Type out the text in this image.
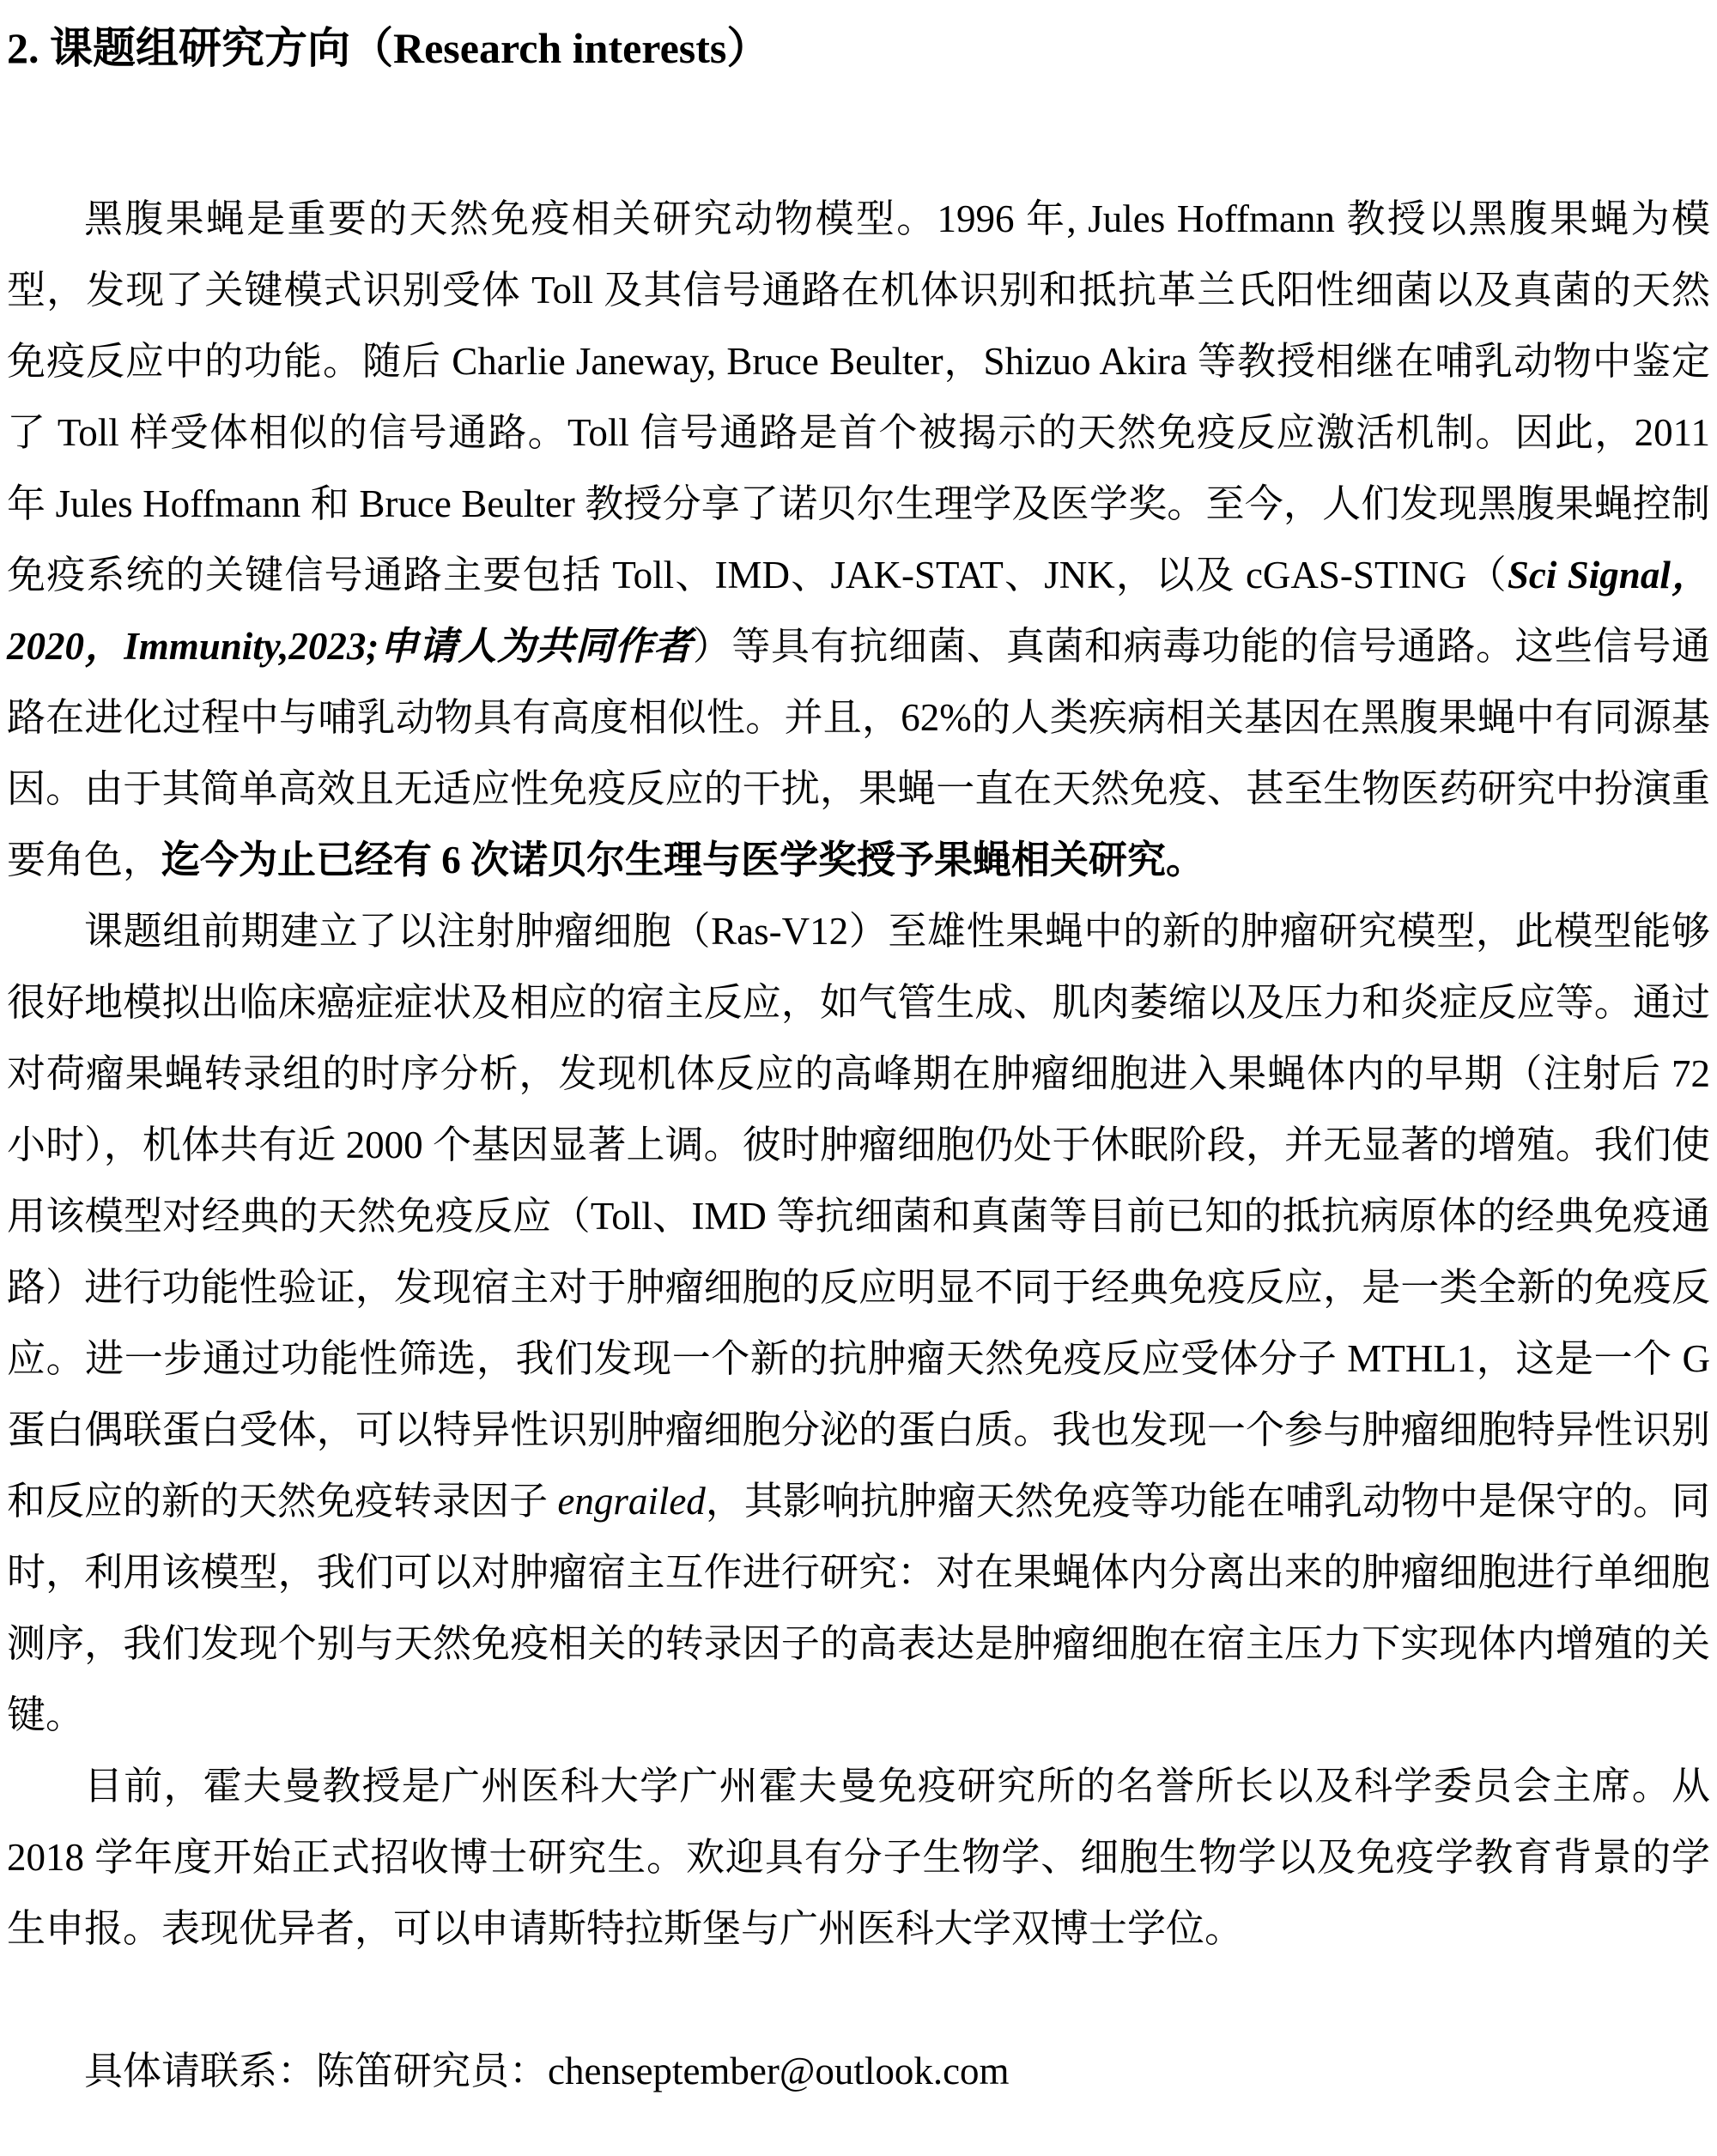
2. 课题组研究方向（Research interests）

黑腹果蝇是重要的天然免疫相关研究动物模型。1996 年, Jules Hoffmann 教授以黑腹果蝇为模型，发现了关键模式识别受体 Toll 及其信号通路在机体识别和抵抗革兰氏阳性细菌以及真菌的天然免疫反应中的功能。随后 Charlie Janeway, Bruce Beulter，Shizuo Akira 等教授相继在哺乳动物中鉴定了 Toll 样受体相似的信号通路。Toll 信号通路是首个被揭示的天然免疫反应激活机制。因此，2011 年 Jules Hoffmann 和 Bruce Beulter 教授分享了诺贝尔生理学及医学奖。至今，人们发现黑腹果蝇控制免疫系统的关键信号通路主要包括 Toll、IMD、JAK-STAT、JNK，以及 cGAS-STING（Sci Signal，2020，Immunity,2023;申请人为共同作者）等具有抗细菌、真菌和病毒功能的信号通路。这些信号通路在进化过程中与哺乳动物具有高度相似性。并且，62%的人类疾病相关基因在黑腹果蝇中有同源基因。由于其简单高效且无适应性免疫反应的干扰，果蝇一直在天然免疫、甚至生物医药研究中扮演重要角色，迄今为止已经有 6 次诺贝尔生理与医学奖授予果蝇相关研究。

课题组前期建立了以注射肿瘤细胞（Ras-V12）至雄性果蝇中的新的肿瘤研究模型，此模型能够很好地模拟出临床癌症症状及相应的宿主反应，如气管生成、肌肉萎缩以及压力和炎症反应等。通过对荷瘤果蝇转录组的时序分析，发现机体反应的高峰期在肿瘤细胞进入果蝇体内的早期（注射后 72 小时），机体共有近 2000 个基因显著上调。彼时肿瘤细胞仍处于休眠阶段，并无显著的增殖。我们使用该模型对经典的天然免疫反应（Toll、IMD 等抗细菌和真菌等目前已知的抵抗病原体的经典免疫通路）进行功能性验证，发现宿主对于肿瘤细胞的反应明显不同于经典免疫反应，是一类全新的免疫反应。进一步通过功能性筛选，我们发现一个新的抗肿瘤天然免疫反应受体分子 MTHL1，这是一个 G 蛋白偶联蛋白受体，可以特异性识别肿瘤细胞分泌的蛋白质。我也发现一个参与肿瘤细胞特异性识别和反应的新的天然免疫转录因子 engrailed，其影响抗肿瘤天然免疫等功能在哺乳动物中是保守的。同时，利用该模型，我们可以对肿瘤宿主互作进行研究：对在果蝇体内分离出来的肿瘤细胞进行单细胞测序，我们发现个别与天然免疫相关的转录因子的高表达是肿瘤细胞在宿主压力下实现体内增殖的关键。

目前，霍夫曼教授是广州医科大学广州霍夫曼免疫研究所的名誉所长以及科学委员会主席。从 2018 学年度开始正式招收博士研究生。欢迎具有分子生物学、细胞生物学以及免疫学教育背景的学生申报。表现优异者，可以申请斯特拉斯堡与广州医科大学双博士学位。

具体请联系：陈笛研究员：chenseptember@outlook.com
